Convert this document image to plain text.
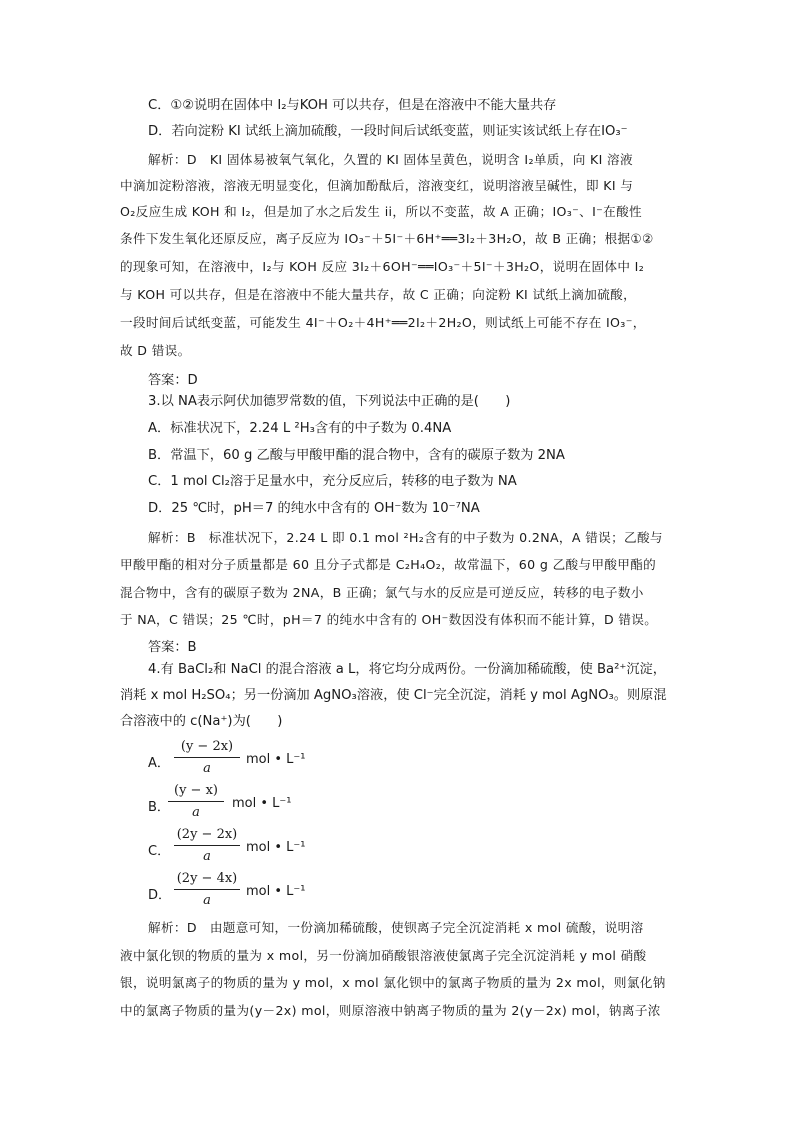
C．①②说明在固体中 I₂与KOH 可以共存，但是在溶液中不能大量共存
D．若向淀粉 KI 试纸上滴加硫酸，一段时间后试纸变蓝，则证实该试纸上存在IO₃⁻
解析：D　KI 固体易被氧气氧化，久置的 KI 固体呈黄色，说明含 I₂单质，向 KI 溶液
中滴加淀粉溶液，溶液无明显变化，但滴加酚酞后，溶液变红，说明溶液呈碱性，即 KI 与
O₂反应生成 KOH 和 I₂，但是加了水之后发生 ii，所以不变蓝，故 A 正确；IO₃⁻、I⁻在酸性
条件下发生氧化还原反应，离子反应为 IO₃⁻＋5I⁻＋6H⁺══3I₂＋3H₂O，故 B 正确；根据①②
的现象可知，在溶液中，I₂与 KOH 反应 3I₂＋6OH⁻══IO₃⁻＋5I⁻＋3H₂O，说明在固体中 I₂
与 KOH 可以共存，但是在溶液中不能大量共存，故 C 正确；向淀粉 KI 试纸上滴加硫酸，
一段时间后试纸变蓝，可能发生 4I⁻＋O₂＋4H⁺══2I₂＋2H₂O，则试纸上可能不存在 IO₃⁻，
故 D 错误。
答案：D
3.以 NA表示阿伏加德罗常数的值，下列说法中正确的是(　　)
A．标准状况下，2.24 L ²H₃含有的中子数为 0.4NA
B．常温下，60 g 乙酸与甲酸甲酯的混合物中，含有的碳原子数为 2NA
C．1 mol Cl₂溶于足量水中，充分反应后，转移的电子数为 NA
D．25 ℃时，pH＝7 的纯水中含有的 OH⁻数为 10⁻⁷NA
解析：B　标准状况下，2.24 L 即 0.1 mol ²H₂含有的中子数为 0.2NA，A 错误；乙酸与
甲酸甲酯的相对分子质量都是 60 且分子式都是 C₂H₄O₂，故常温下，60 g 乙酸与甲酸甲酯的
混合物中，含有的碳原子数为 2NA，B 正确；氯气与水的反应是可逆反应，转移的电子数小
于 NA，C 错误；25 ℃时，pH＝7 的纯水中含有的 OH⁻数因没有体积而不能计算，D 错误。
答案：B
4.有 BaCl₂和 NaCl 的混合溶液 a L，将它均分成两份。一份滴加稀硫酸，使 Ba²⁺沉淀，
消耗 x mol H₂SO₄；另一份滴加 AgNO₃溶液，使 Cl⁻完全沉淀，消耗 y mol AgNO₃。则原混
合溶液中的 c(Na⁺)为(　　)
A．
(y − 2x)
a
mol • L⁻¹
B．
(y − x)
a
mol • L⁻¹
C．
(2y − 2x)
a
mol • L⁻¹
D．
(2y − 4x)
a
mol • L⁻¹
解析：D　由题意可知，一份滴加稀硫酸，使钡离子完全沉淀消耗 x mol 硫酸，说明溶
液中氯化钡的物质的量为 x mol，另一份滴加硝酸银溶液使氯离子完全沉淀消耗 y mol 硝酸
银，说明氯离子的物质的量为 y mol，x mol 氯化钡中的氯离子物质的量为 2x mol，则氯化钠
中的氯离子物质的量为(y－2x) mol，则原溶液中钠离子物质的量为 2(y－2x) mol，钠离子浓
